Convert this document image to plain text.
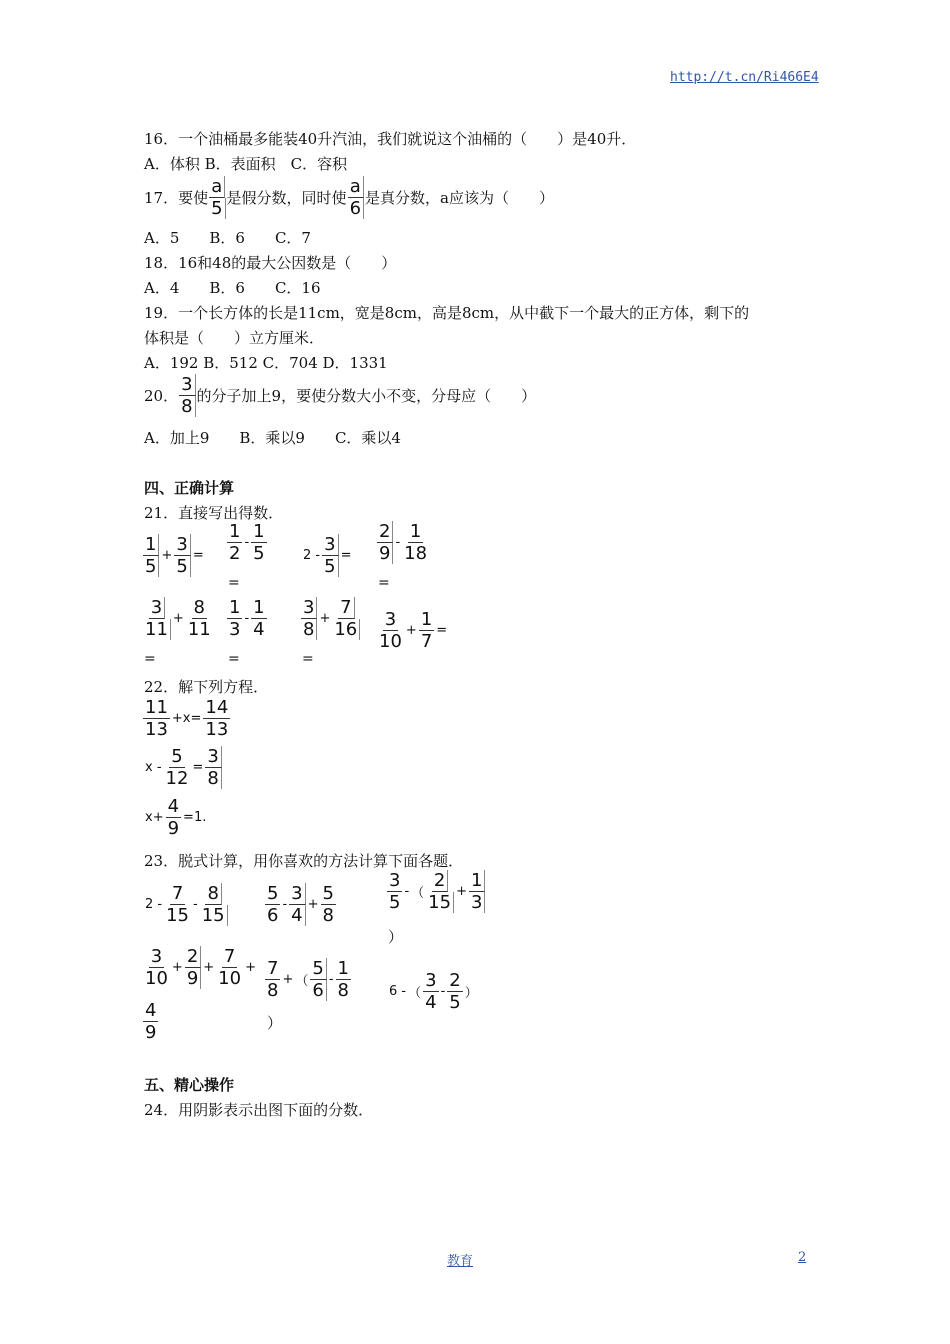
http://t.cn/Ri466E4
16．一个油桶最多能装40升汽油，我们就说这个油桶的（　　）是40升．
A．体积 B．表面积　C．容积
17．要使 $\frac{a}{5}$ 是假分数，同时使 $\frac{a}{6}$ 是真分数，a应该为（　　）
A．5　　B．6　　C．7
18．16和48的最大公因数是（　　）
A．4　　B．6　　C．16
19．一个长方体的长是11cm，宽是8cm，高是8cm，从中截下一个最大的正方体，剩下的
体积是（　　）立方厘米．
A．192 B．512 C．704 D．1331
20． $\frac{3}{8}$ 的分子加上9，要使分数大小不变，分母应（　　）
A．加上9　　B．乘以9　　C．乘以4
四、正确计算
21．直接写出得数．
$\frac{1}{5} + \frac{3}{5} = \frac{1}{2} - \frac{1}{5}$
=
$2 - \frac{3}{5} = \frac{2}{9} - \frac{1}{18}$
=
$\frac{3}{11} + \frac{8}{11}$
=
$\frac{1}{3} - \frac{1}{4}$
=
$\frac{3}{8} + \frac{7}{16}$
=
$\frac{3}{10} + \frac{1}{7}$ =
22．解下列方程．
$\frac{11}{13} +x= \frac{14}{13}$
$x - \frac{5}{12} = \frac{3}{8}$
$x+ \frac{4}{9} =1$.
23．脱式计算，用你喜欢的方法计算下面各题．
$2 - \frac{7}{15} - \frac{8}{15} \frac{5}{6} - \frac{3}{4} + \frac{5}{8}$	$\frac{3}{5}$ - （ $\frac{2}{15} + \frac{1}{3}$
）
$\frac{3}{10} + \frac{2}{9} + \frac{7}{10}$ +
$\frac{4}{9}$
$\frac{7}{8}$ + （ $\frac{5}{6} - \frac{1}{8}$
）
6 - （ $\frac{3}{4} - \frac{2}{5}$ ）
五、精心操作
24．用阴影表示出图下面的分数．
教育	2
